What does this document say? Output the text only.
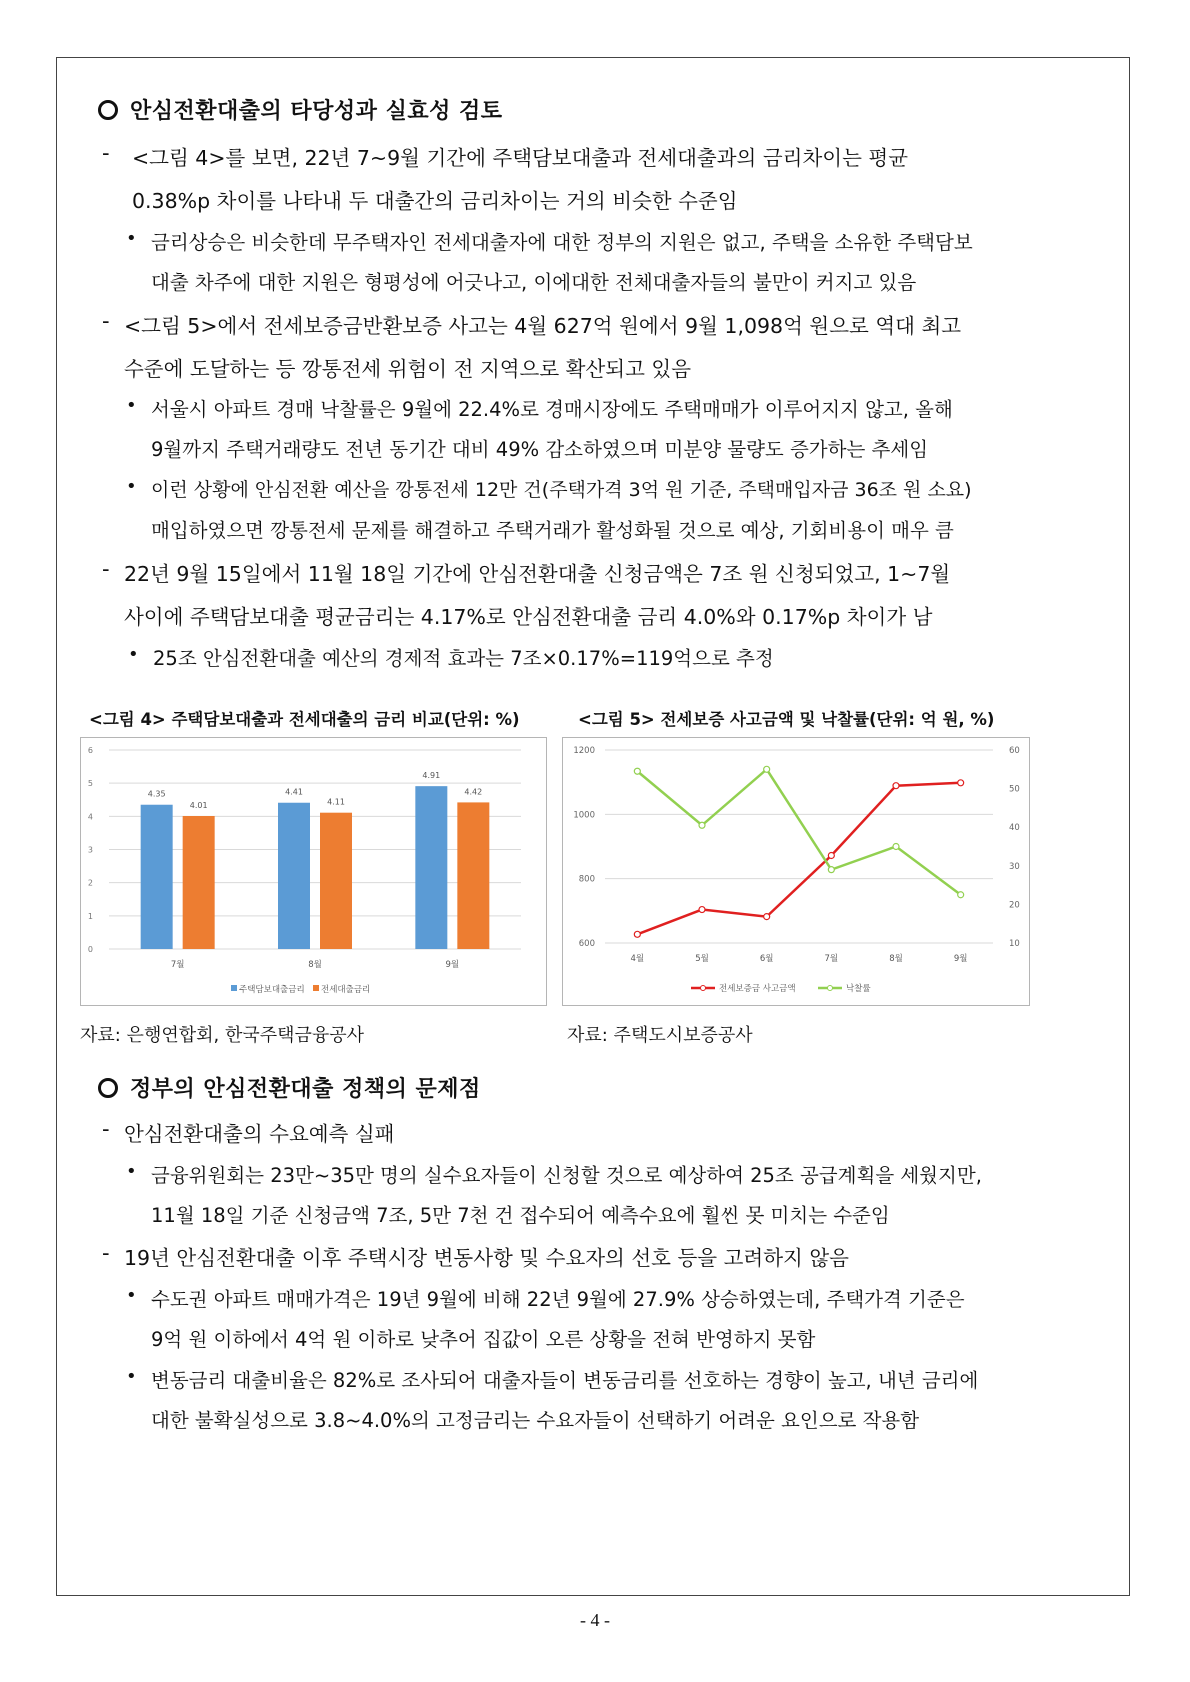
안심전환대출의 타당성과 실효성 검토
- <그림 4>를 보면, 22년 7~9월 기간에 주택담보대출과 전세대출과의 금리차이는 평균
0.38%p 차이를 나타내 두 대출간의 금리차이는 거의 비슷한 수준임
• 금리상승은 비슷한데 무주택자인 전세대출자에 대한 정부의 지원은 없고, 주택을 소유한 주택담보
대출 차주에 대한 지원은 형평성에 어긋나고, 이에대한 전체대출자들의 불만이 커지고 있음
- <그림 5>에서 전세보증금반환보증 사고는 4월 627억 원에서 9월 1,098억 원으로 역대 최고
수준에 도달하는 등 깡통전세 위험이 전 지역으로 확산되고 있음
• 서울시 아파트 경매 낙찰률은 9월에 22.4%로 경매시장에도 주택매매가 이루어지지 않고, 올해
9월까지 주택거래량도 전년 동기간 대비 49% 감소하였으며 미분양 물량도 증가하는 추세임
• 이런 상황에 안심전환 예산을 깡통전세 12만 건(주택가격 3억 원 기준, 주택매입자금 36조 원 소요)
매입하였으면 깡통전세 문제를 해결하고 주택거래가 활성화될 것으로 예상, 기회비용이 매우 큼
- 22년 9월 15일에서 11월 18일 기간에 안심전환대출 신청금액은 7조 원 신청되었고, 1~7월
사이에 주택담보대출 평균금리는 4.17%로 안심전환대출 금리 4.0%와 0.17%p 차이가 남
• 25조 안심전환대출 예산의 경제적 효과는 7조×0.17%=119억으로 추정
<그림 4> 주택담보대출과 전세대출의 금리 비교(단위: %)	<그림 5> 전세보증 사고금액 및 낙찰률(단위: 억 원, %)
0
1
2
3
4
5
6
4.35
4.01
7월
4.41
4.11
8월
4.91
4.42
9월
주택담보대출금리 전세대출금리
600
800
1000
1200
10
20
30
40
50
60
4월	5월	6월	7월	8월	9월
전세보증금 사고금액	낙찰률
자료: 은행연합회, 한국주택금융공사	자료: 주택도시보증공사
정부의 안심전환대출 정책의 문제점
- 안심전환대출의 수요예측 실패
• 금융위원회는 23만~35만 명의 실수요자들이 신청할 것으로 예상하여 25조 공급계획을 세웠지만,
11월 18일 기준 신청금액 7조, 5만 7천 건 접수되어 예측수요에 훨씬 못 미치는 수준임
- 19년 안심전환대출 이후 주택시장 변동사항 및 수요자의 선호 등을 고려하지 않음
• 수도권 아파트 매매가격은 19년 9월에 비해 22년 9월에 27.9% 상승하였는데, 주택가격 기준은
9억 원 이하에서 4억 원 이하로 낮추어 집값이 오른 상황을 전혀 반영하지 못함
• 변동금리 대출비율은 82%로 조사되어 대출자들이 변동금리를 선호하는 경향이 높고, 내년 금리에
대한 불확실성으로 3.8~4.0%의 고정금리는 수요자들이 선택하기 어려운 요인으로 작용함
- 4 -
